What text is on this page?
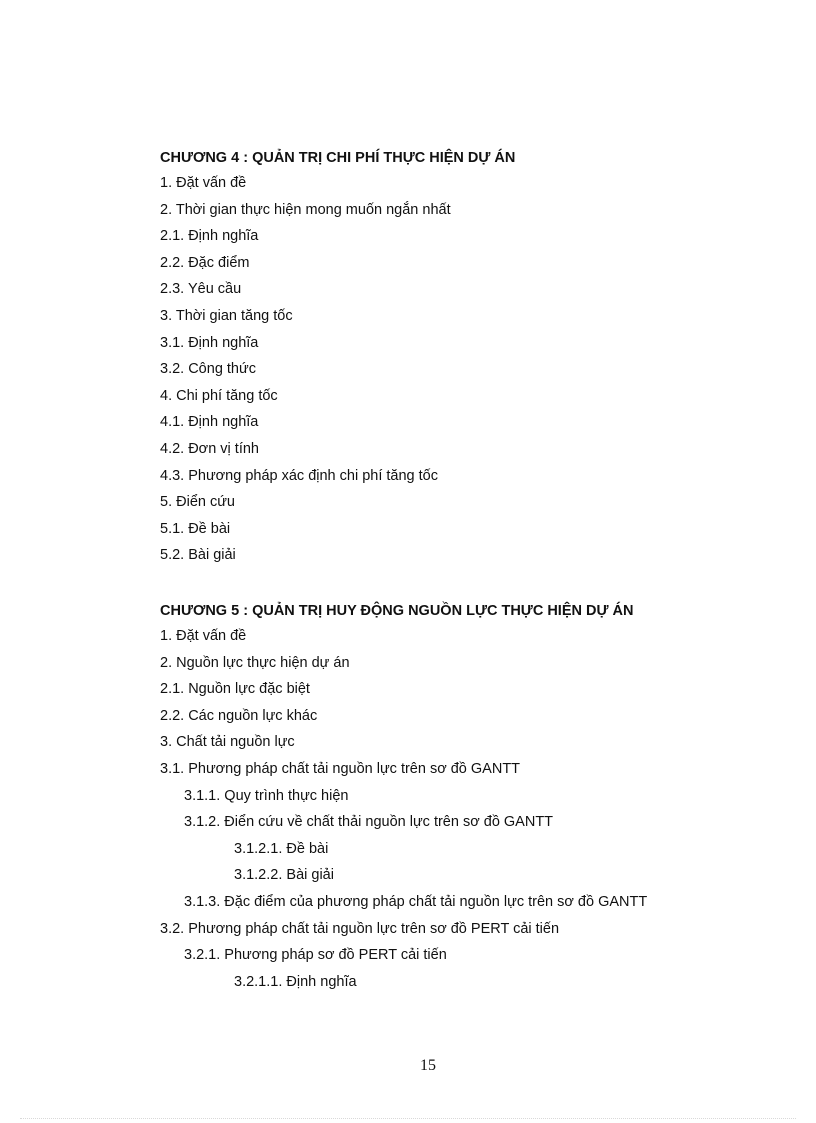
CHƯƠNG 4 : QUẢN TRỊ CHI PHÍ THỰC HIỆN DỰ ÁN
1. Đặt vấn đề
2. Thời gian thực hiện mong muốn ngắn nhất
2.1. Định nghĩa
2.2. Đặc điểm
2.3. Yêu cầu
3. Thời gian tăng tốc
3.1. Định nghĩa
3.2. Công thức
4. Chi phí tăng tốc
4.1. Định nghĩa
4.2. Đơn vị tính
4.3. Phương pháp xác định chi phí tăng tốc
5. Điển cứu
5.1. Đề bài
5.2. Bài giải
CHƯƠNG 5 : QUẢN TRỊ HUY ĐỘNG NGUỒN LỰC THỰC HIỆN DỰ ÁN
1. Đặt vấn đề
2. Nguồn lực thực hiện dự án
2.1. Nguồn lực đặc biệt
2.2. Các nguồn lực khác
3. Chất tải nguồn lực
3.1. Phương pháp chất tải nguồn lực trên sơ đồ GANTT
3.1.1. Quy trình thực hiện
3.1.2. Điển cứu về chất thải nguồn lực trên sơ đồ GANTT
3.1.2.1. Đề bài
3.1.2.2. Bài giải
3.1.3. Đặc điểm của phương pháp chất tải nguồn lực trên sơ đồ GANTT
3.2. Phương pháp chất tải nguồn lực trên sơ đồ PERT cải tiến
3.2.1. Phương pháp sơ đồ PERT cải tiến
3.2.1.1. Định nghĩa
15
